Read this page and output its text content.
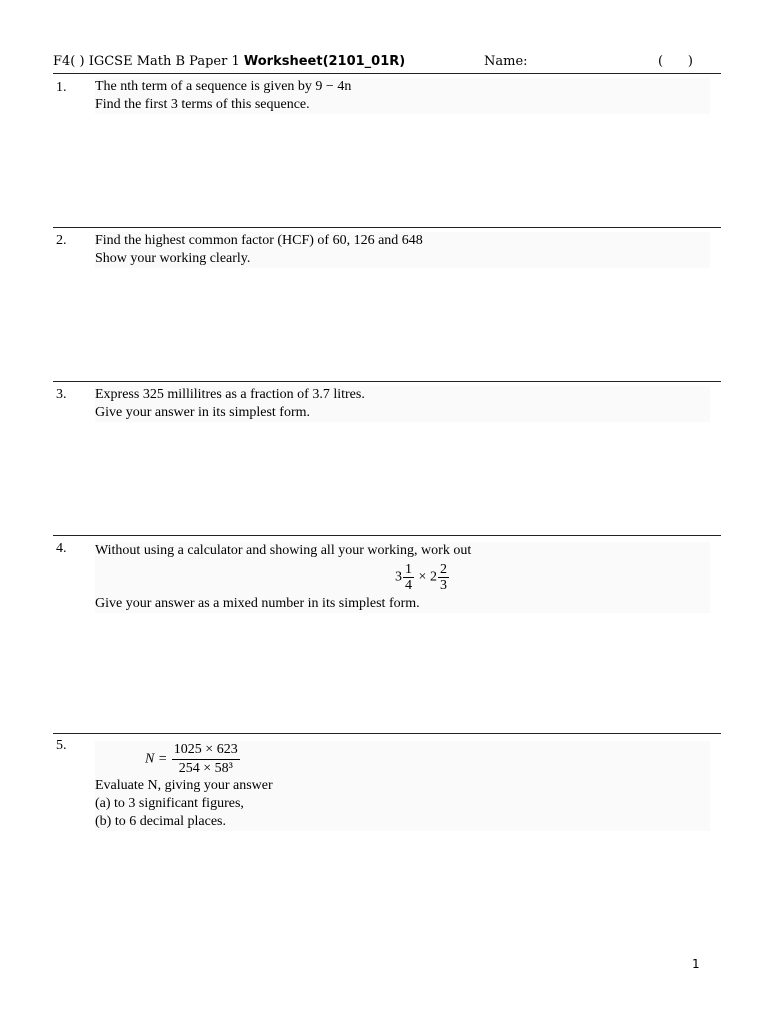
F4( ) IGCSE Math B Paper 1 Worksheet(2101_01R)	Name:	(      )
1. The nth term of a sequence is given by 9 − 4n

Find the first 3 terms of this sequence.

2. Find the highest common factor (HCF) of 60, 126 and 648

Show your working clearly.

3. Express 325 millilitres as a fraction of 3.7 litres.

Give your answer in its simplest form.

4. Without using a calculator and showing all your working, work out

$3 \frac{1}{4} \times 2 \frac{2}{3}$

Give your answer as a mixed number in its simplest form.

5.
$N = \frac{1025 \times 623}{\text{254 × 58³}}$

Evaluate N, giving your answer

(a) to 3 significant figures,

(b) to 6 decimal places.

1
